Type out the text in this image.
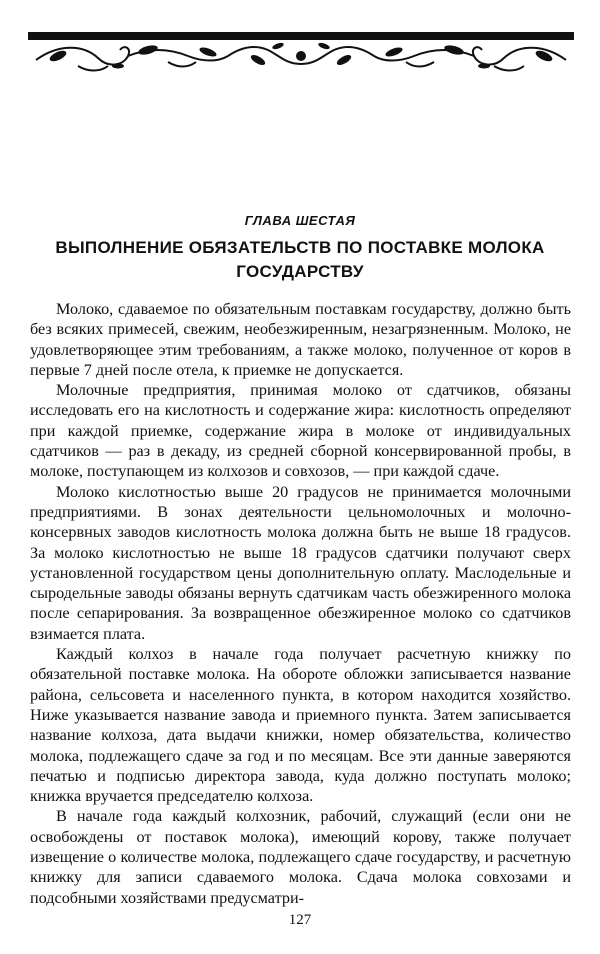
ГЛАВА ШЕСТАЯ
ВЫПОЛНЕНИЕ ОБЯЗАТЕЛЬСТВ ПО ПОСТАВКЕ МОЛОКА
ГОСУДАРСТВУ

Молоко, сдаваемое по обязательным поставкам государству, должно быть без всяких примесей, свежим, необезжиренным, незагрязненным. Молоко, не удовлетворяющее этим требованиям, а также молоко, полученное от коров в первые 7 дней после отела, к приемке не допускается.

Молочные предприятия, принимая молоко от сдатчиков, обязаны исследовать его на кислотность и содержание жира: кислотность определяют при каждой приемке, содержание жира в молоке от индивидуальных сдатчиков — раз в декаду, из средней сборной консервированной пробы, в молоке, поступающем из колхозов и совхозов, — при каждой сдаче.

Молоко кислотностью выше 20 градусов не принимается молочными предприятиями. В зонах деятельности цельномолочных и молочно-консервных заводов кислотность молока должна быть не выше 18 градусов. За молоко кислотностью не выше 18 градусов сдатчики получают сверх установленной государством цены дополнительную оплату. Маслодельные и сыродельные заводы обязаны вернуть сдатчикам часть обезжиренного молока после сепарирования. За возвращенное обезжиренное молоко со сдатчиков взимается плата.

Каждый колхоз в начале года получает расчетную книжку по обязательной поставке молока. На обороте обложки записывается название района, сельсовета и населенного пункта, в котором находится хозяйство. Ниже указывается название завода и приемного пункта. Затем записывается название колхоза, дата выдачи книжки, номер обязательства, количество молока, подлежащего сдаче за год и по месяцам. Все эти данные заверяются печатью и подписью директора завода, куда должно поступать молоко; книжка вручается председателю колхоза.

В начале года каждый колхозник, рабочий, служащий (если они не освобождены от поставок молока), имеющий корову, также получает извещение о количестве молока, подлежащего сдаче государству, и расчетную книжку для записи сдаваемого молока. Сдача молока совхозами и подсобными хозяйствами предусматри-

127
